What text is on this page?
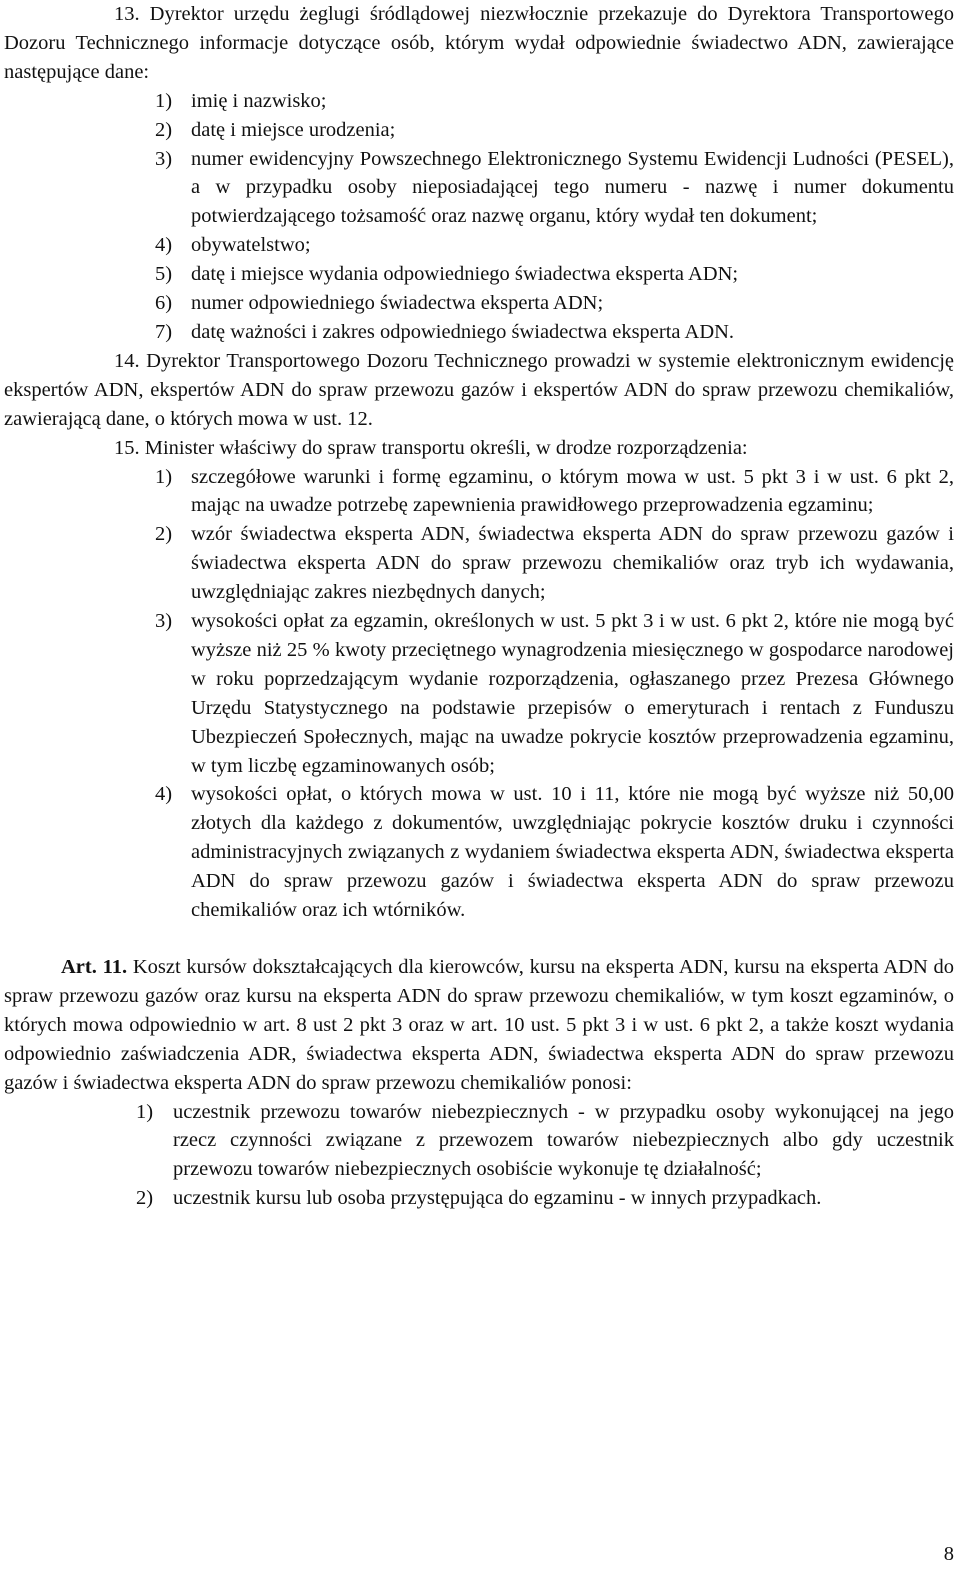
13. Dyrektor urzędu żeglugi śródlądowej niezwłocznie przekazuje do Dyrektora Transportowego Dozoru Technicznego informacje dotyczące osób, którym wydał odpowiednie świadectwo ADN, zawierające następujące dane:

1) imię i nazwisko;
2) datę i miejsce urodzenia;
3) numer ewidencyjny Powszechnego Elektronicznego Systemu Ewidencji Ludności (PESEL), a w przypadku osoby nieposiadającej tego numeru - nazwę i numer dokumentu potwierdzającego tożsamość oraz nazwę organu, który wydał ten dokument;
4) obywatelstwo;
5) datę i miejsce wydania odpowiedniego świadectwa eksperta ADN;
6) numer odpowiedniego świadectwa eksperta ADN;
7) datę ważności i zakres odpowiedniego świadectwa eksperta ADN.

14. Dyrektor Transportowego Dozoru Technicznego prowadzi w systemie elektronicznym ewidencję ekspertów ADN, ekspertów ADN do spraw przewozu gazów i ekspertów ADN do spraw przewozu chemikaliów, zawierającą dane, o których mowa w ust. 12.

15. Minister właściwy do spraw transportu określi, w drodze rozporządzenia:

1) szczegółowe warunki i formę egzaminu, o którym mowa w ust. 5 pkt 3 i w ust. 6 pkt 2, mając na uwadze potrzebę zapewnienia prawidłowego przeprowadzenia egzaminu;
2) wzór świadectwa eksperta ADN, świadectwa eksperta ADN do spraw przewozu gazów i świadectwa eksperta ADN do spraw przewozu chemikaliów oraz tryb ich wydawania, uwzględniając zakres niezbędnych danych;
3) wysokości opłat za egzamin, określonych w ust. 5 pkt 3 i w ust. 6 pkt 2, które nie mogą być wyższe niż 25 % kwoty przeciętnego wynagrodzenia miesięcznego w gospodarce narodowej w roku poprzedzającym wydanie rozporządzenia, ogłaszanego przez Prezesa Głównego Urzędu Statystycznego na podstawie przepisów o emeryturach i rentach z Funduszu Ubezpieczeń Społecznych, mając na uwadze pokrycie kosztów przeprowadzenia egzaminu, w tym liczbę egzaminowanych osób;
4) wysokości opłat, o których mowa w ust. 10 i 11, które nie mogą być wyższe niż 50,00 złotych dla każdego z dokumentów, uwzględniając pokrycie kosztów druku i czynności administracyjnych związanych z wydaniem świadectwa eksperta ADN, świadectwa eksperta ADN do spraw przewozu gazów i świadectwa eksperta ADN do spraw przewozu chemikaliów oraz ich wtórników.

Art. 11. Koszt kursów dokształcających dla kierowców, kursu na eksperta ADN, kursu na eksperta ADN do spraw przewozu gazów oraz kursu na eksperta ADN do spraw przewozu chemikaliów, w tym koszt egzaminów, o których mowa odpowiednio w art. 8 ust 2 pkt 3 oraz w art. 10 ust. 5 pkt 3 i w ust. 6 pkt 2, a także koszt wydania odpowiednio zaświadczenia ADR, świadectwa eksperta ADN, świadectwa eksperta ADN do spraw przewozu gazów i świadectwa eksperta ADN do spraw przewozu chemikaliów ponosi:

1) uczestnik przewozu towarów niebezpiecznych - w przypadku osoby wykonującej na jego rzecz czynności związane z przewozem towarów niebezpiecznych albo gdy uczestnik przewozu towarów niebezpiecznych osobiście wykonuje tę działalność;
2) uczestnik kursu lub osoba przystępująca do egzaminu - w innych przypadkach.
8
